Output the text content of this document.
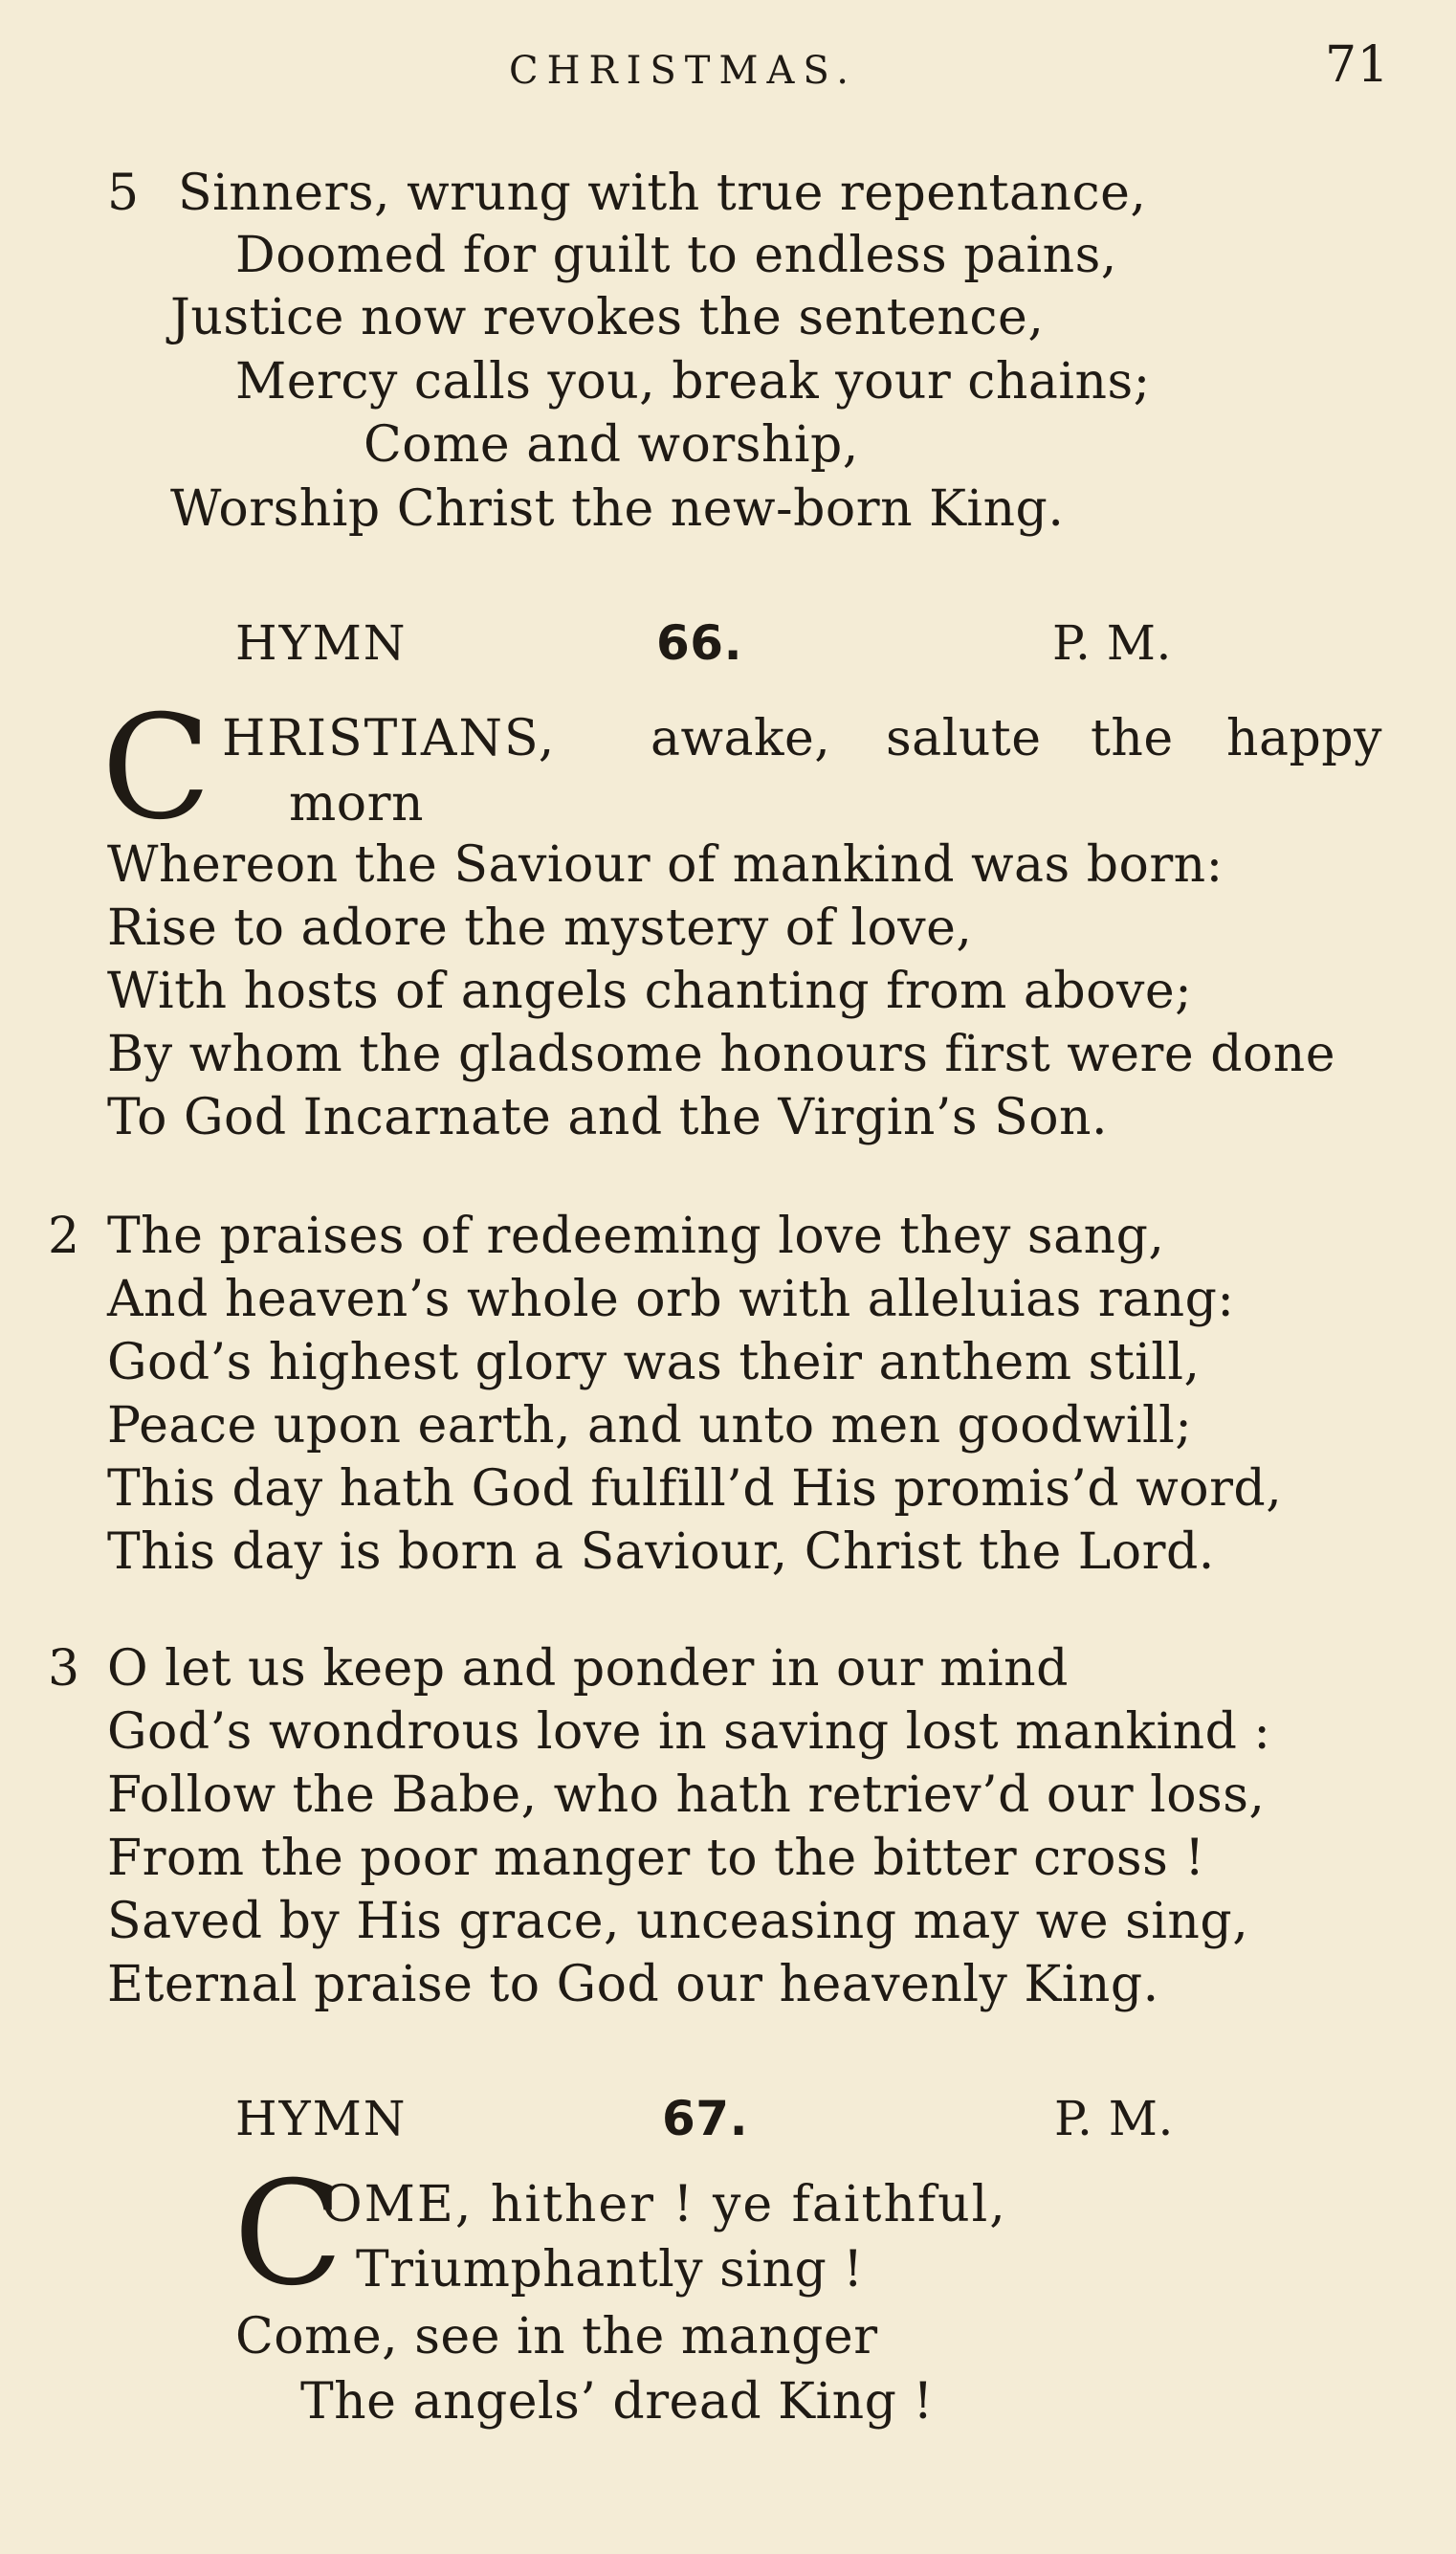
CHRISTMAS.	71
5 Sinners, wrung with true repentance,
Doomed for guilt to endless pains,
Justice now revokes the sentence,
Mercy calls you, break your chains;
Come and worship,
Worship Christ the new-born King.
HYMN	66.	P. M.
C HRISTIANS, awake, salute the happy
morn
Whereon the Saviour of mankind was born:
Rise to adore the mystery of love,
With hosts of angels chanting from above;
By whom the gladsome honours first were done
To God Incarnate and the Virgin’s Son.
2 The praises of redeeming love they sang,
And heaven’s whole orb with alleluias rang:
God’s highest glory was their anthem still,
Peace upon earth, and unto men goodwill;
This day hath God fulfill’d His promis’d word,
This day is born a Saviour, Christ the Lord.
3 O let us keep and ponder in our mind
God’s wondrous love in saving lost mankind :
Follow the Babe, who hath retriev’d our loss,
From the poor manger to the bitter cross !
Saved by His grace, unceasing may we sing,
Eternal praise to God our heavenly King.
HYMN	67.	P. M.
C
OME, hither ! ye faithful,
Triumphantly sing !
Come, see in the manger
The angels’ dread King !
